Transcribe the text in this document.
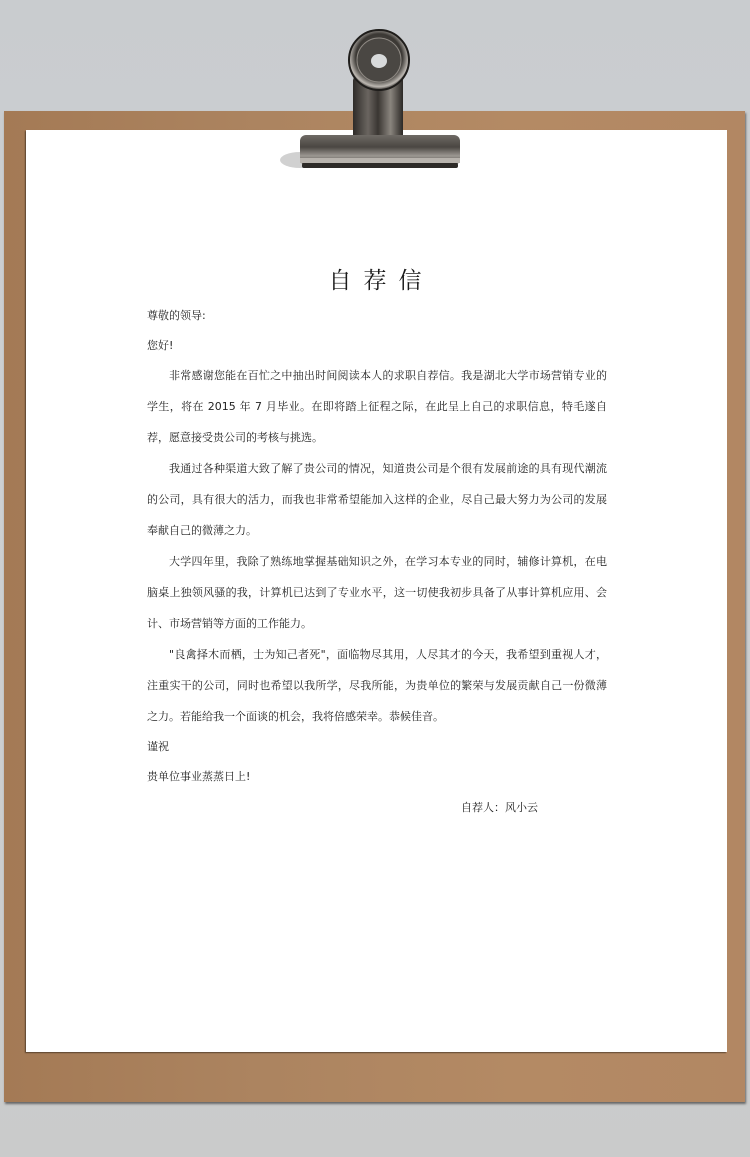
自荐信
尊敬的领导:
您好!
非常感谢您能在百忙之中抽出时间阅读本人的求职自荐信。我是湖北大学市场营销专业的学生，将在 2015 年 7 月毕业。在即将踏上征程之际，在此呈上自己的求职信息，特毛遂自荐，愿意接受贵公司的考核与挑选。
我通过各种渠道大致了解了贵公司的情况，知道贵公司是个很有发展前途的具有现代潮流的公司，具有很大的活力，而我也非常希望能加入这样的企业，尽自己最大努力为公司的发展奉献自己的微薄之力。
大学四年里，我除了熟练地掌握基础知识之外，在学习本专业的同时，辅修计算机，在电脑桌上独领风骚的我，计算机已达到了专业水平，这一切使我初步具备了从事计算机应用、会计、市场营销等方面的工作能力。
"良禽择木而栖，士为知己者死"，面临物尽其用，人尽其才的今天，我希望到重视人才，注重实干的公司，同时也希望以我所学，尽我所能，为贵单位的繁荣与发展贡献自己一份微薄之力。若能给我一个面谈的机会，我将倍感荣幸。恭候佳音。
谨祝
贵单位事业蒸蒸日上!
自荐人：风小云
